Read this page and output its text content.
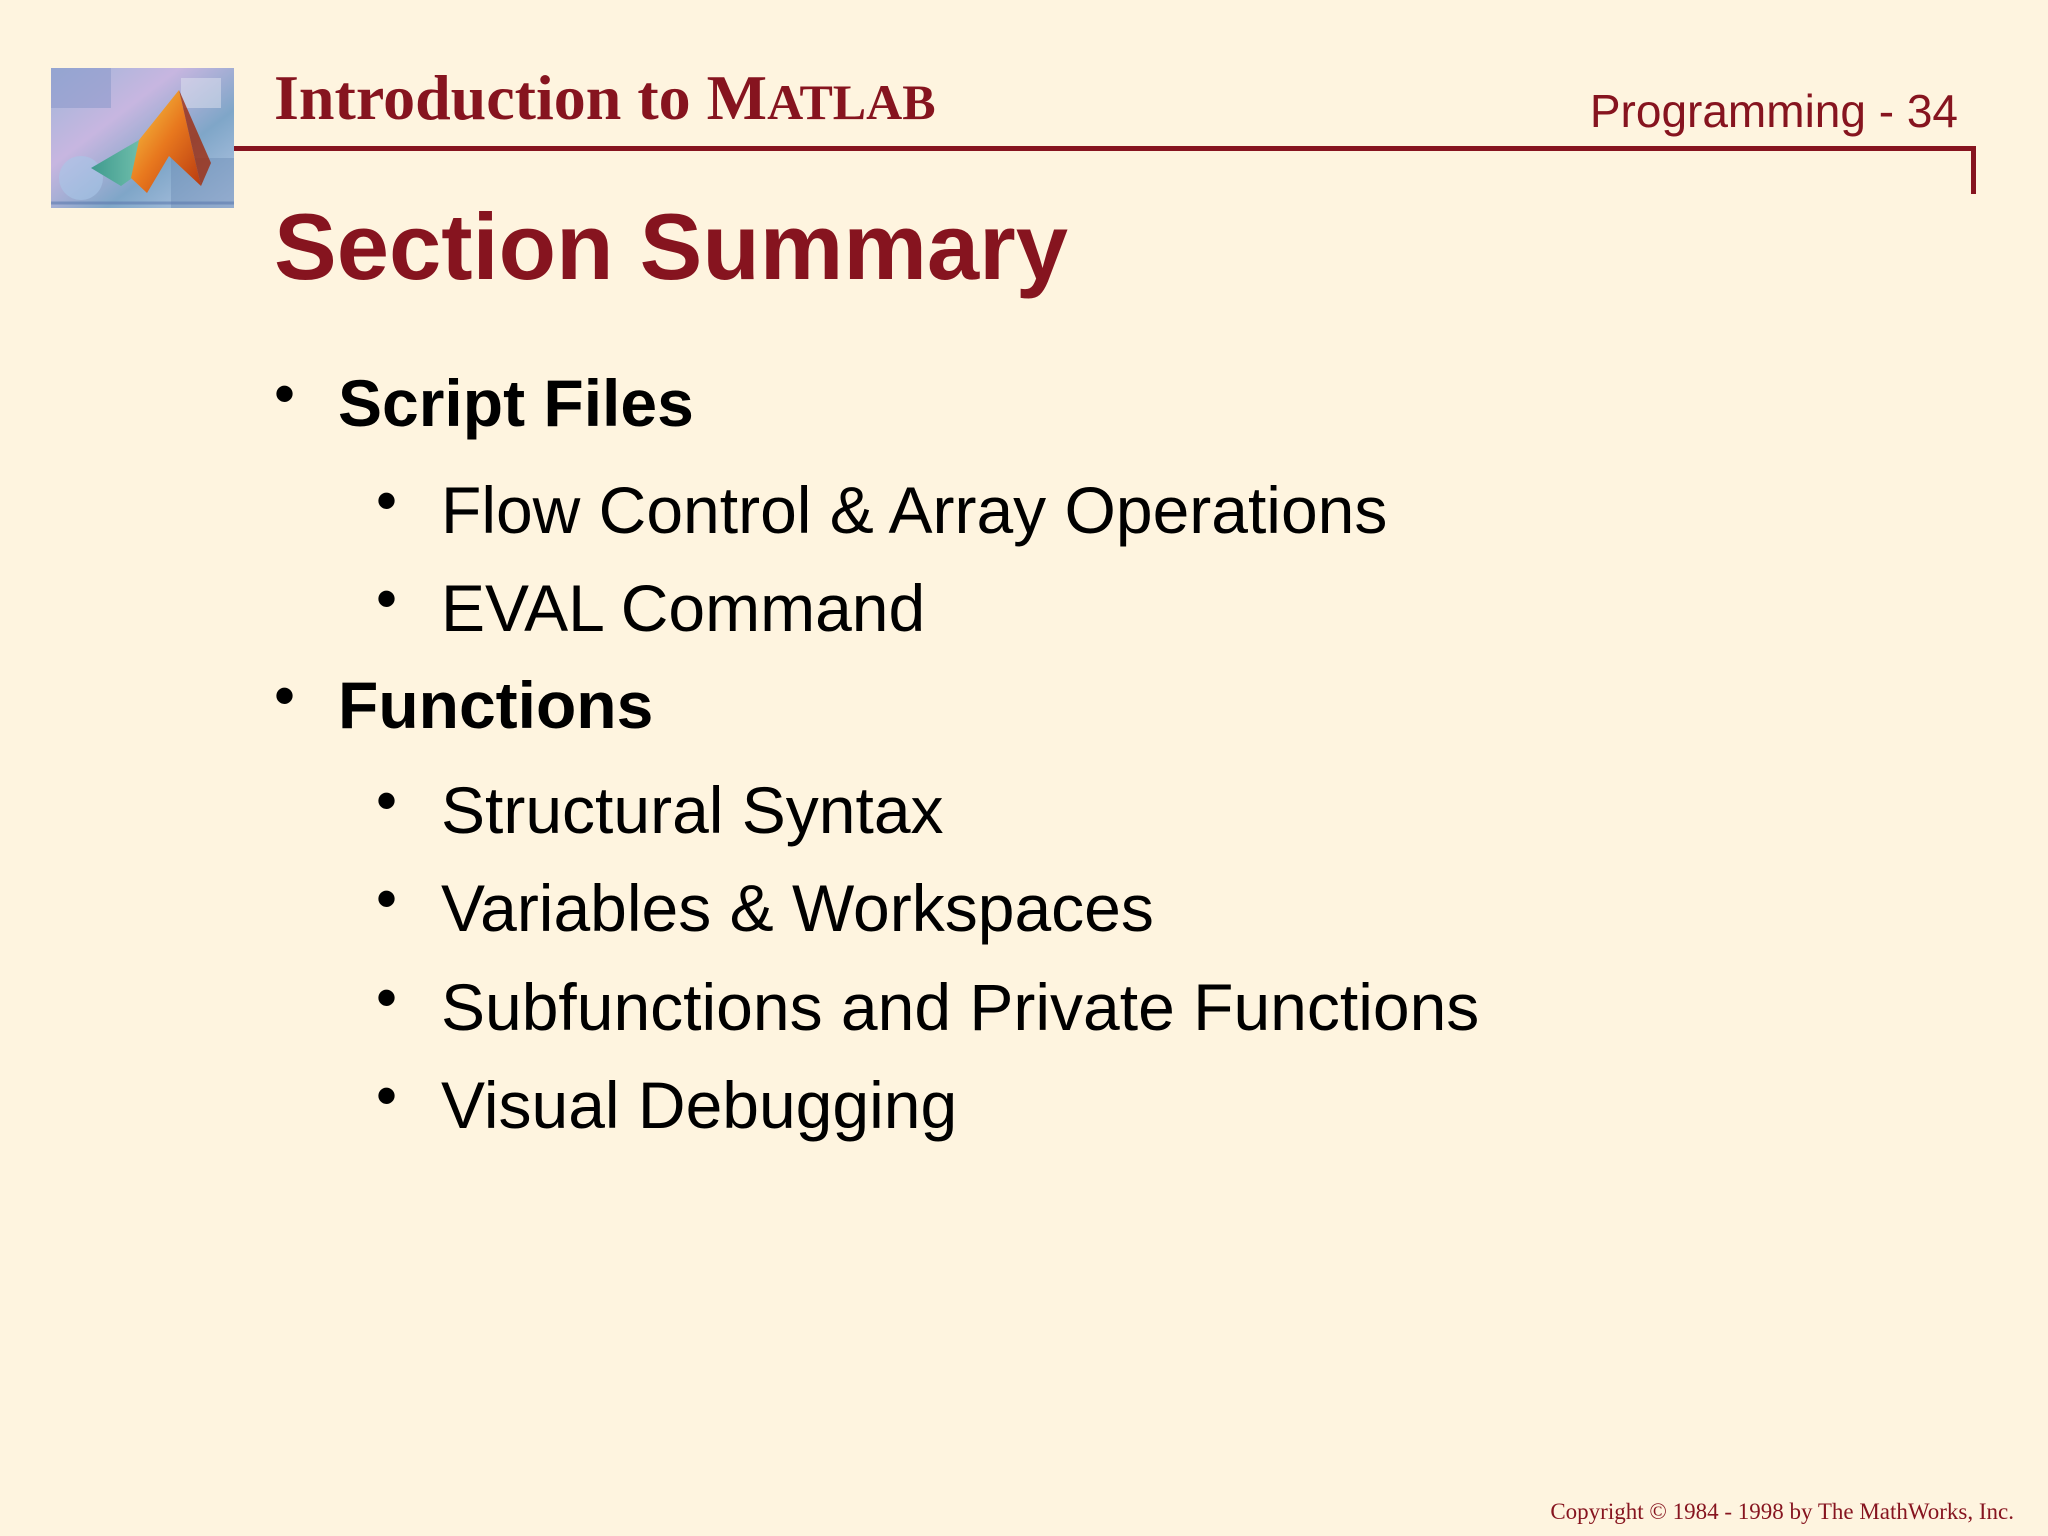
Introduction to MATLAB	Programming - 34
Section Summary
• Script Files
• Flow Control & Array Operations
• EVAL Command
• Functions
• Structural Syntax
• Variables & Workspaces
• Subfunctions and Private Functions
• Visual Debugging
Copyright © 1984 - 1998 by The MathWorks, Inc.
